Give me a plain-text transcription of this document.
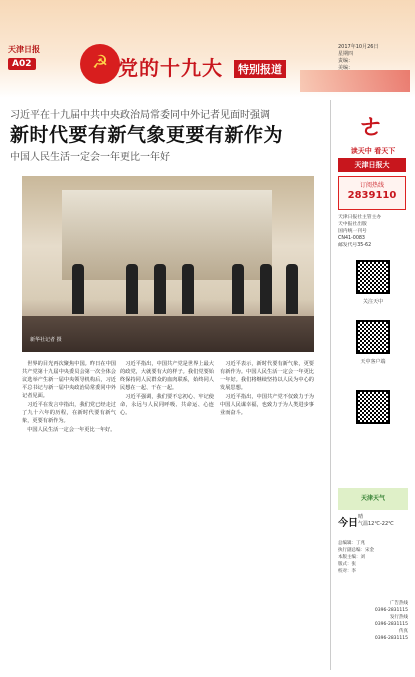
天津日报
A02	☭ 党的十九大	特别报道
2017年10月26日
星期四
责编：
美编：
习近平在十九届中共中央政治局常委同中外记者见面时强调
新时代要有新气象更要有新作为
中国人民生活一定会一年更比一年好
新华社记者 摄

世界的目光再次聚焦中国。昨日在中国共产党第十九届中央委员会第一次全体会议选举产生新一届中央领导机构后，习近平总书记与新一届中央政治局常委同中外记者见面。

习近平在发言中指出，我们党已经走过了九十六年的历程，在新时代要有新气象，更要有新作为。

中国人民生活一定会一年更比一年好。

习近平指出，中国共产党是世界上最大的政党，大就要有大的样子。我们党要始终保持同人民群众的血肉联系，始终同人民想在一起、干在一起。

习近平强调，我们要不忘初心、牢记使命，永远与人民同呼吸、共命运、心连心。

习近平表示，新时代要有新气象，更要有新作为。中国人民生活一定会一年更比一年好。我们将继续坚持以人民为中心的发展思想。

习近平指出，中国共产党不仅致力于为中国人民谋幸福，也致力于为人类进步事业而奋斗。

ㄜ
读天中 看天下
天津日报大
订阅热线
2839110
天津日报社主管主办
天中报社出版
国内统一刊号
CN41-0083
邮发代号35-62
关注天中
天中客户端
天津天气
今日
晴
气温12℃-22℃
总编辑：丁兆
执行副总编：宋金
本版主编：刘
版式：张
校对：李
广告热线
0396-2831115
发行热线
0396-2831115
传真
0396-2831115
